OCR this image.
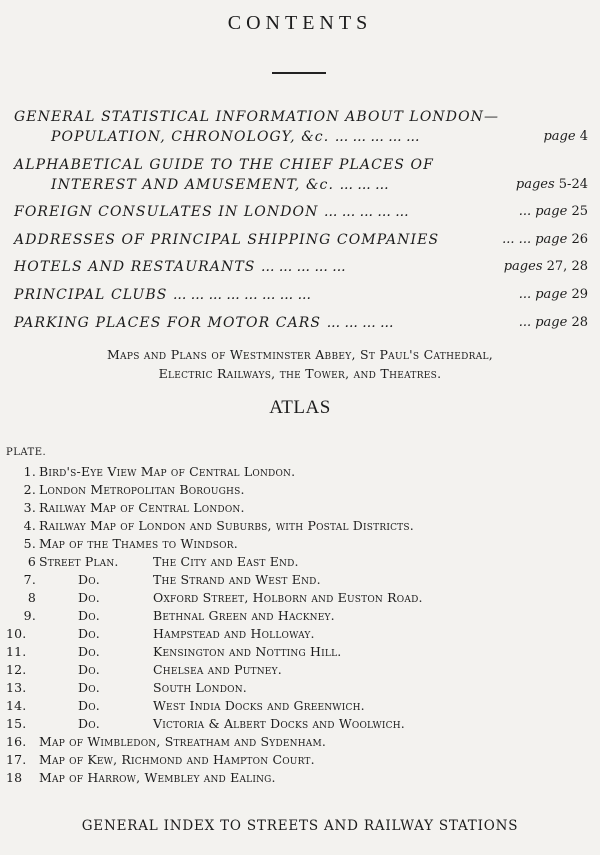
CONTENTS
GENERAL STATISTICAL INFORMATION ABOUT LONDON—
POPULATION, CHRONOLOGY, &c. ... ... ... ... ...	page 4
ALPHABETICAL GUIDE TO THE CHIEF PLACES OF
INTEREST AND AMUSEMENT, &c. ... ... ...	pages 5-24
FOREIGN CONSULATES IN LONDON ... ... ... ... ...	... page 25
ADDRESSES OF PRINCIPAL SHIPPING COMPANIES	... ... page 26
HOTELS AND RESTAURANTS ... ... ... ... ...	pages 27, 28
PRINCIPAL CLUBS ... ... ... ... ... ... ... ...	... page 29
PARKING PLACES FOR MOTOR CARS ... ... ... ...	... page 28
Maps and Plans of Westminster Abbey, St Paul's Cathedral,
Electric Railways, the Tower, and Theatres.
ATLAS
PLATE.
1. Bird's-Eye View Map of Central London.
2. London Metropolitan Boroughs.
3. Railway Map of Central London.
4. Railway Map of London and Suburbs, with Postal Districts.
5. Map of the Thames to Windsor.
6 Street Plan.	The City and East End.
7.	Do.	The Strand and West End.
8	Do.	Oxford Street, Holborn and Euston Road.
9.	Do.	Bethnal Green and Hackney.
10.	Do.	Hampstead and Holloway.
11.	Do.	Kensington and Notting Hill.
12.	Do.	Chelsea and Putney.
13.	Do.	South London.
14.	Do.	West India Docks and Greenwich.
15.	Do.	Victoria & Albert Docks and Woolwich.
16.	Map of Wimbledon, Streatham and Sydenham.
17.	Map of Kew, Richmond and Hampton Court.
18	Map of Harrow, Wembley and Ealing.
GENERAL INDEX TO STREETS AND RAILWAY STATIONS
